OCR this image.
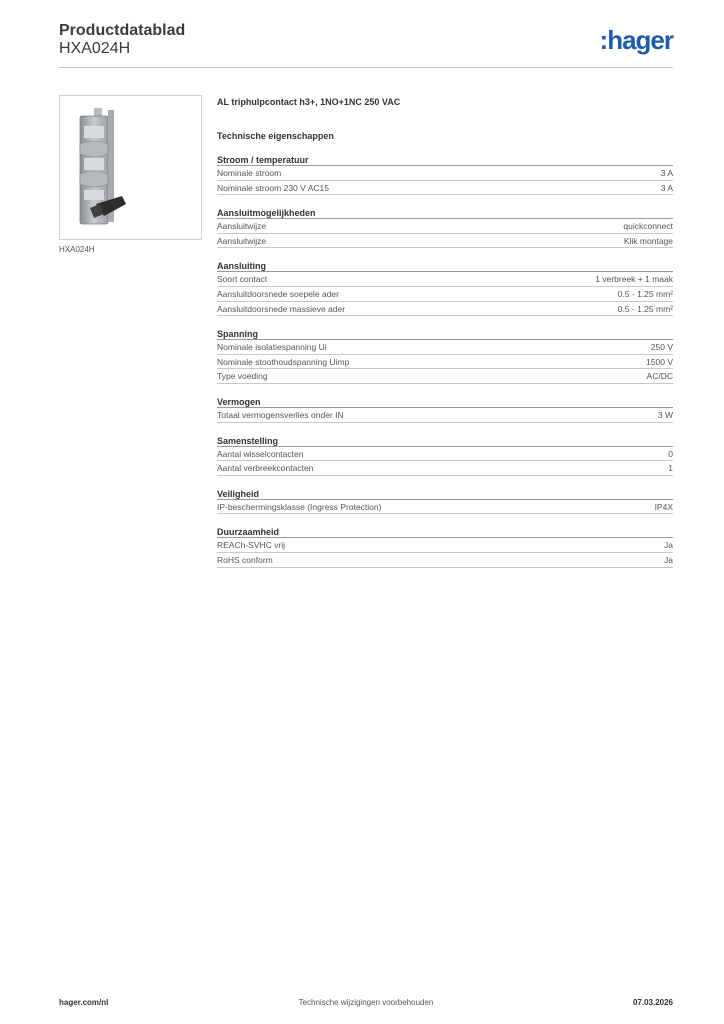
Productdatablad
HXA024H	:hager
HXA024H
AL triphulpcontact h3+, 1NO+1NC 250 VAC
Technische eigenschappen
Stroom / temperatuur
Nominale stroom	3 A
Nominale stroom 230 V AC15	3 A
Aansluitmogelijkheden
Aansluitwijze	quickconnect
Aansluitwijze	Klik montage
Aansluiting
Soort contact	1 verbreek + 1 maak
Aansluitdoorsnede soepele ader	0.5 - 1.25 mm²
Aansluitdoorsnede massieve ader	0.5 - 1.25 mm²
Spanning
Nominale isolatiespanning Ui	250 V
Nominale stoothoudspanning Uimp	1500 V
Type voeding	AC/DC
Vermogen
Totaal vermogensverlies onder IN	3 W
Samenstelling
Aantal wisselcontacten	0
Aantal verbreekcontacten	1
Veiligheid
IP-beschermingsklasse (Ingress Protection)	IP4X
Duurzaamheid
REACh-SVHC vrij	Ja
RoHS conform	Ja
hager.com/nl	Technische wijzigingen voorbehouden	07.03.2026
